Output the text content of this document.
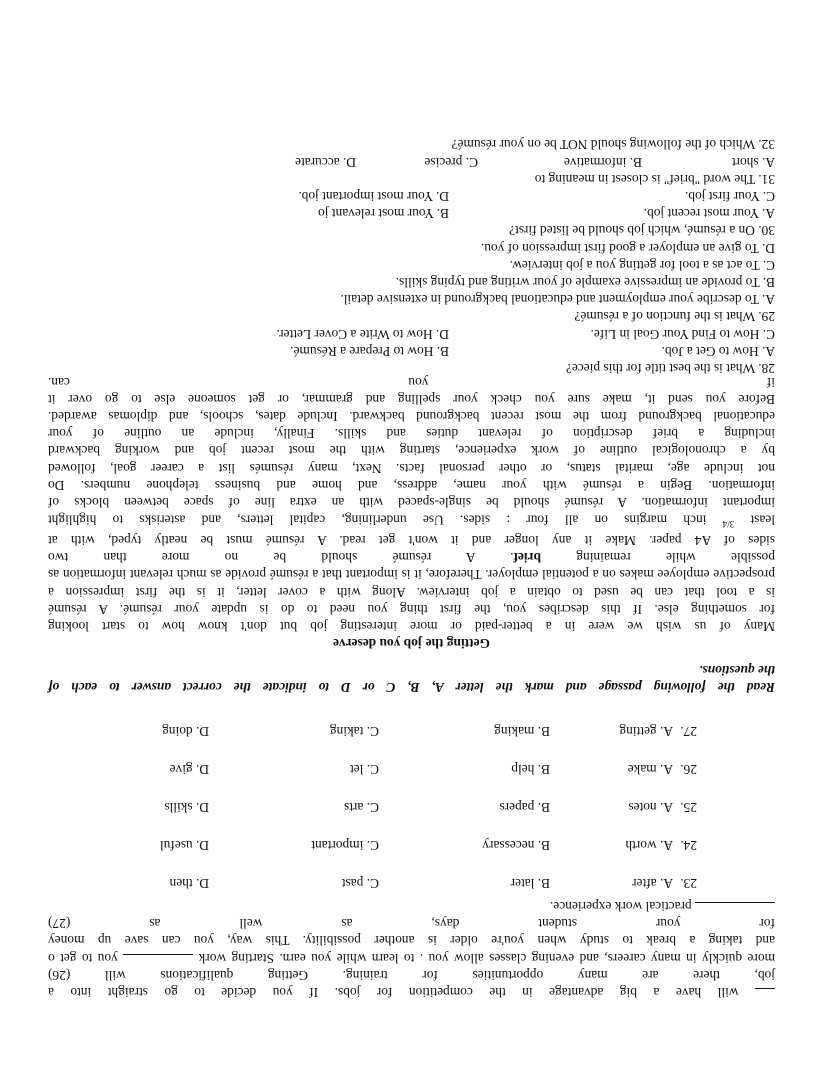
will have a big advantage in the competition for jobs. If you decide to go straight into a
job, there are many opportunities for training. Getting qualifications will (26)
more quickly in many careers, and evening classes allow you . to learn while you earn. Starting work  you to get o
and taking a break to study when you're older is another possibility. This way, you can save up money
for your student days, as well as (27)
practical work experience.
23.
A. after
B. later
C. past
D. then
24.
A. worth
B. necessary
C. important
D. useful
25.
A. notes
B. papers
C. arts
D. skills
26.
A. make
B. help
C. let
D. give
27.
A. getting
B. making
C. taking
D. doing
Read the following passage and mark the letter A, B, C or D to indicate the correct answer to each of
the questions.
Getting the job you deserve
Many of us wish we were in a better-paid or more interesting job but don't know how to start looking
for something else. If this describes you, the first thing you need to do is update your résumé. A résumé
is a tool that can be used to obtain a job interview. Along with a cover letter, it is the first impression a
prospective employee makes on a potential employer. Therefore, it is important that a résumé provide as much relevant information as possible while remaining brief. A résumé should be no more than two
sides of A4 paper. Make it any longer and it won't get read. A résumé must be neatly typed, with at
least $^{3/4}$ inch margins on all four : sides. Use underlining, capital letters, and asterisks to highlight
important information. A résumé should be single-spaced with an extra line of space between blocks of
information. Begin a résumé with your name, address, and home and business telephone numbers. Do
not include age, marital status, or other personal facts. Next, many résumés list a career goal, followed
by a chronological outline of work experience, starting with the most recent job and working backward
including a brief description of relevant duties and skills. Finally, include an outline of your
educational background from the most recent background backward. Include dates, schools, and diplomas awarded.
Before you send it, make sure you check your spelling and grammar, or get someone else to go over it
if you can.
28. What is the best title for this piece?
A. How to Get a Job.
B. How to Prepare a Résumé.
C. How to Find Your Goal in Life.
D. How to Write a Cover Letter.
29. What is the function of a résumé?
A. To describe your employment and educational background in extensive detail.
B. To provide an impressive example of your writing and typing skills.
C. To act as a tool for getting you a job interview.
D. To give an employer a good first impression of you.
30. On a résumé, which job should be listed first?
A. Your most recent job.
B. Your most relevant jo
C. Your first job.
D. Your most important job.
31. The word "brief" is closest in meaning to
A. short
B. informative
C. precise
D. accurate
32. Which of the following should NOT be on your résumé?
